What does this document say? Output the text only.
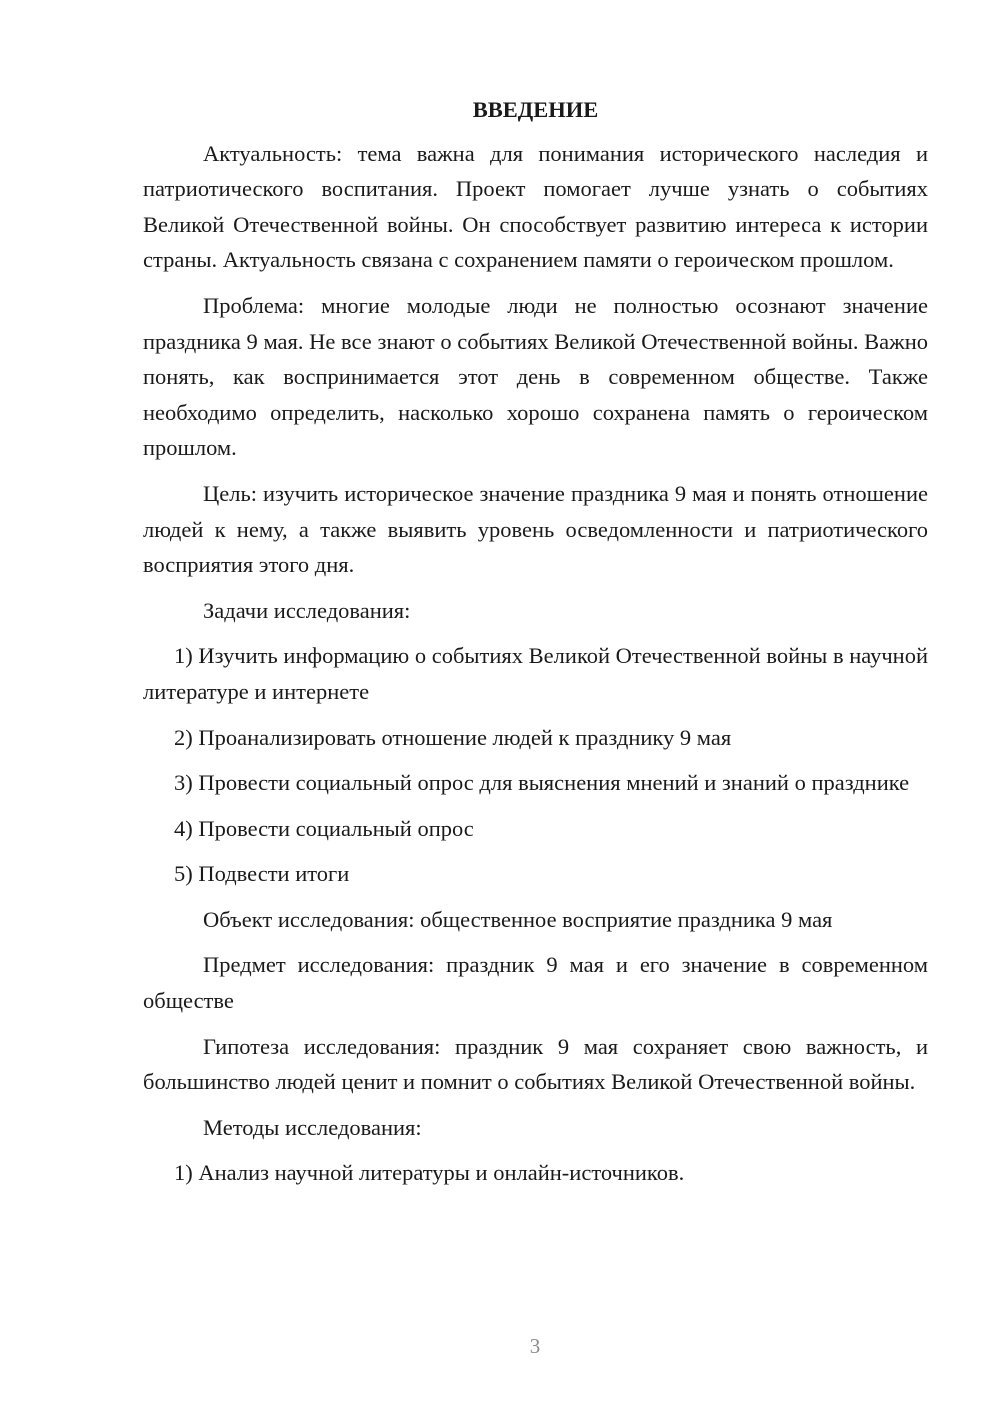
ВВЕДЕНИЕ

Актуальность: тема важна для понимания исторического наследия и патриотического воспитания. Проект помогает лучше узнать о событиях Великой Отечественной войны. Он способствует развитию интереса к истории страны. Актуальность связана с сохранением памяти о героическом прошлом.

Проблема: многие молодые люди не полностью осознают значение праздника 9 мая. Не все знают о событиях Великой Отечественной войны. Важно понять, как воспринимается этот день в современном обществе. Также необходимо определить, насколько хорошо сохранена память о героическом прошлом.

Цель: изучить историческое значение праздника 9 мая и понять отношение людей к нему, а также выявить уровень осведомленности и патриотического восприятия этого дня.

Задачи исследования:

1) Изучить информацию о событиях Великой Отечественной войны в научной литературе и интернете

2) Проанализировать отношение людей к празднику 9 мая

3) Провести социальный опрос для выяснения мнений и знаний о празднике

4) Провести социальный опрос

5) Подвести итоги

Объект исследования: общественное восприятие праздника 9 мая

Предмет исследования: праздник 9 мая и его значение в современном обществе

Гипотеза исследования: праздник 9 мая сохраняет свою важность, и большинство людей ценит и помнит о событиях Великой Отечественной войны.

Методы исследования:

1) Анализ научной литературы и онлайн-источников.

3
